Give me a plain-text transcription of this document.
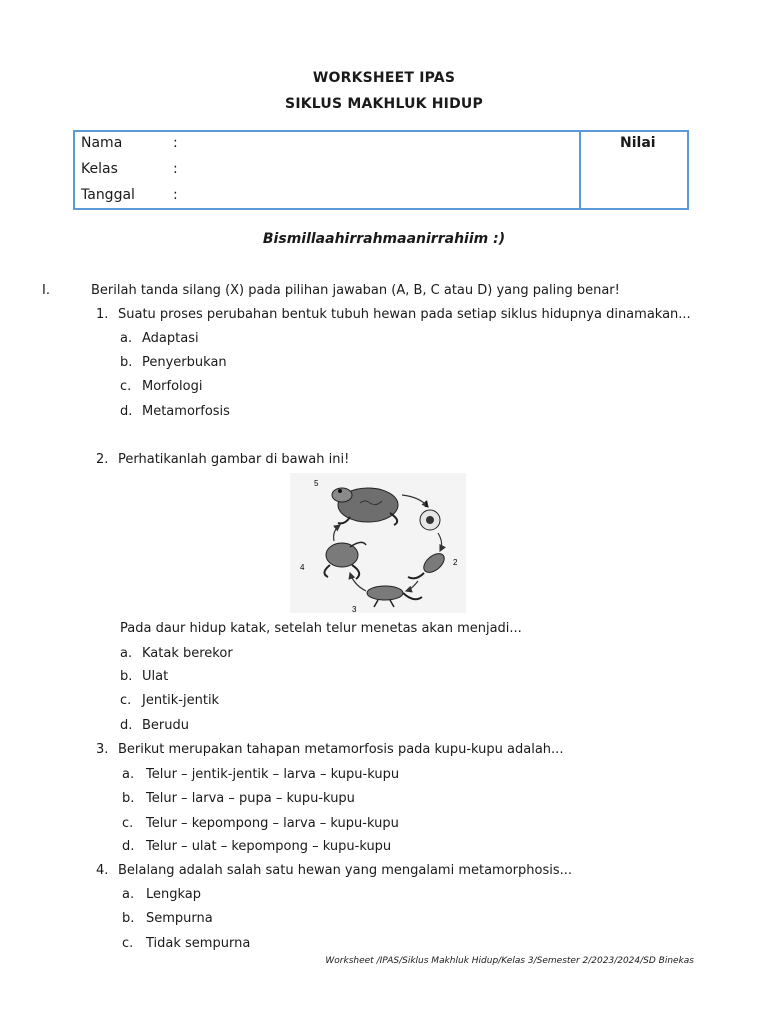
WORKSHEET IPAS
SIKLUS MAKHLUK HIDUP
Nama	:
Kelas	:
Tanggal	:
Nilai
Bismillaahirrahmaanirrahiim :)
I.	Berilah tanda silang (X) pada pilihan jawaban (A, B, C atau D) yang paling benar!
1. Suatu proses perubahan bentuk tubuh hewan pada setiap siklus hidupnya dinamakan...
a. Adaptasi
b. Penyerbukan
c. Morfologi
d. Metamorfosis
2. Perhatikanlah gambar di bawah ini!
1
2
3
4
5
Pada daur hidup katak, setelah telur menetas akan menjadi...
a. Katak berekor
b. Ulat
c. Jentik-jentik
d. Berudu
3. Berikut merupakan tahapan metamorfosis pada kupu-kupu adalah...
a. Telur – jentik-jentik – larva – kupu-kupu
b. Telur – larva – pupa – kupu-kupu
c. Telur – kepompong – larva – kupu-kupu
d. Telur – ulat – kepompong – kupu-kupu
4. Belalang adalah salah satu hewan yang mengalami metamorphosis...
a. Lengkap
b. Sempurna
c. Tidak sempurna
Worksheet /IPAS/Siklus Makhluk Hidup/Kelas 3/Semester 2/2023/2024/SD Binekas
